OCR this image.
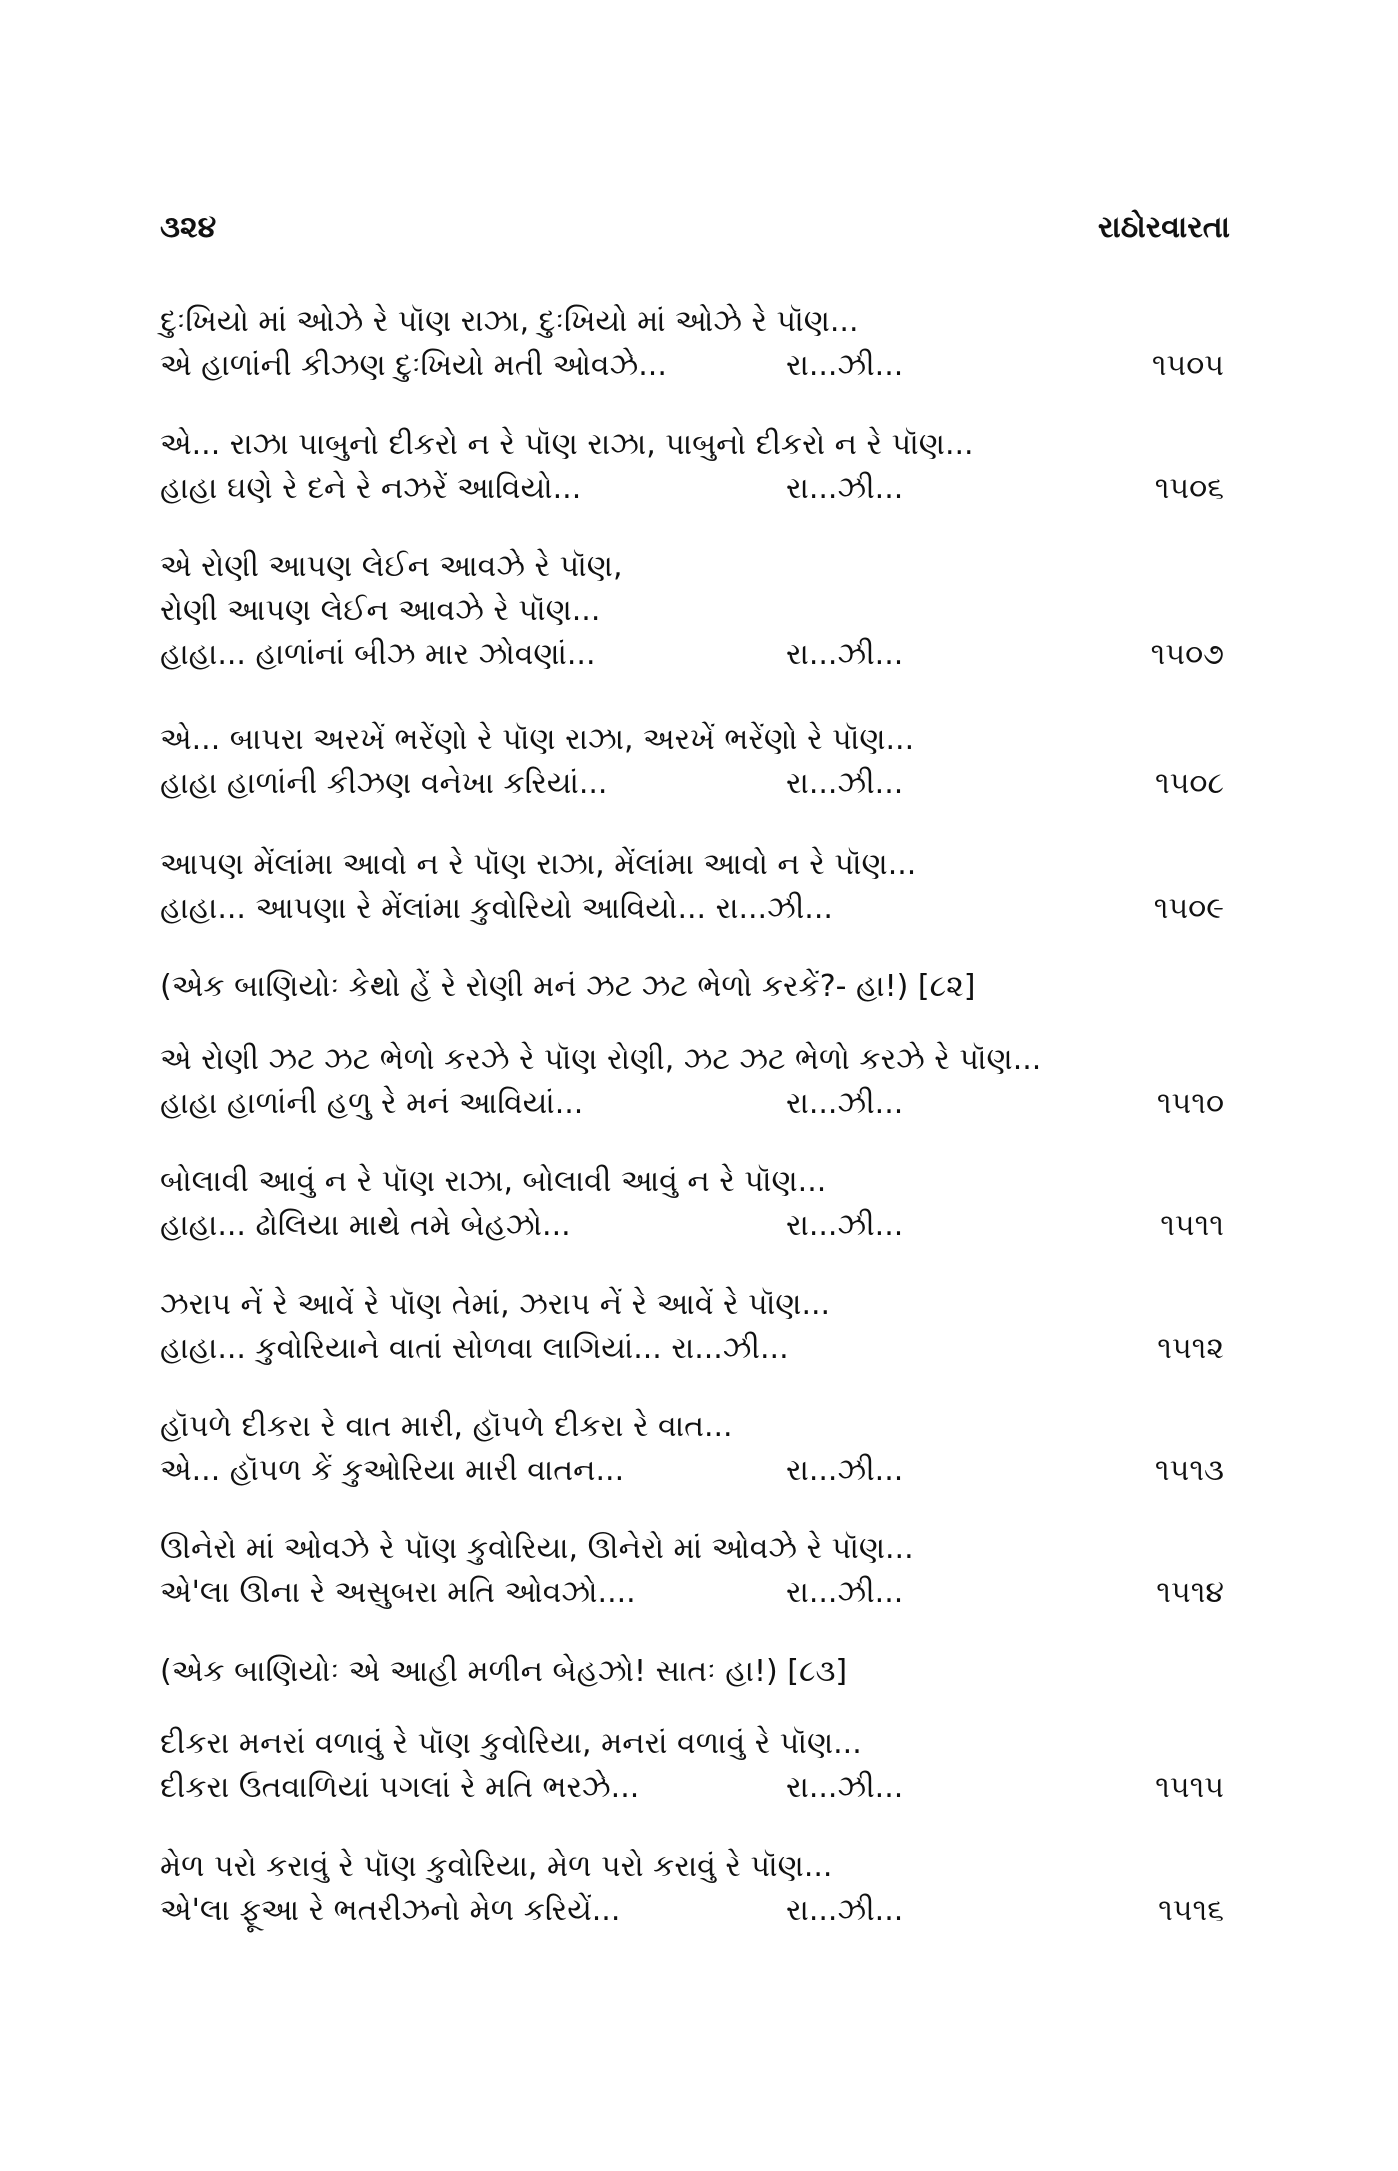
૩૨૪	રાઠોરવારતા
દુઃખિયો માં ઓઝે રે પૉણ રાઝા, દુઃખિયો માં ઓઝે રે પૉણ...
એ હાળાંની કીઝણ દુઃખિયો મતી ઓવઝે...	રા...ઝી...	૧૫૦૫
એ... રાઝા પાબુનો દીકરો ન રે પૉણ રાઝા, પાબુનો દીકરો ન રે પૉણ...
હાહા ઘણે રે દને રે નઝરેં આવિયો...	રા...ઝી...	૧૫૦૬
એ રોણી આપણ લેઈન આવઝે રે પૉણ,
રોણી આપણ લેઈન આવઝે રે પૉણ...
હાહા... હાળાંનાં બીઝ માર ઝોવણાં...	રા...ઝી...	૧૫૦૭
એ... બાપરા અરખેં ભરેંણો રે પૉણ રાઝા, અરખેં ભરેંણો રે પૉણ...
હાહા હાળાંની કીઝણ વનેખા કરિયાં...	રા...ઝી...	૧૫૦૮
આપણ મેંલાંમા આવો ન રે પૉણ રાઝા, મેંલાંમા આવો ન રે પૉણ...
હાહા... આપણા રે મેંલાંમા કુવોરિયો આવિયો... રા...ઝી...	૧૫૦૯
(એક બાણિયોઃ કેથો હેં રે રોણી મનં ઝટ ઝટ ભેળો કરકેં?- હા!) [૮૨]
એ રોણી ઝટ ઝટ ભેળો કરઝે રે પૉણ રોણી, ઝટ ઝટ ભેળો કરઝે રે પૉણ...
હાહા હાળાંની હળુ રે મનં આવિયાં...	રા...ઝી...	૧૫૧૦
બોલાવી આવું ન રે પૉણ રાઝા, બોલાવી આવું ન રે પૉણ...
હાહા... ઢોલિયા માથે તમે બેહઝો...	રા...ઝી...	૧૫૧૧
ઝરાપ નેં રે આવેં રે પૉણ તેમાં, ઝરાપ નેં રે આવેં રે પૉણ...
હાહા... કુવોરિયાને વાતાં સોળવા લાગિયાં... રા...ઝી...	૧૫૧૨
હૉપળે દીકરા રે વાત મારી, હૉપળે દીકરા રે વાત...
એ... હૉપળ કેં કુઓરિયા મારી વાતન...	રા...ઝી...	૧૫૧૩
ઊનેરો માં ઓવઝે રે પૉણ કુવોરિયા, ઊનેરો માં ઓવઝે રે પૉણ...
એ'લા ઊના રે અસુબરા મતિ ઓવઝો....	રા...ઝી...	૧૫૧૪
(એક બાણિયોઃ એ આહી મળીન બેહઝો! સાતઃ હા!) [૮૩]
દીકરા મનરાં વળાવું રે પૉણ કુવોરિયા, મનરાં વળાવું રે પૉણ...
દીકરા ઉતવાળિયાં પગલાં રે મતિ ભરઝે...	રા...ઝી...	૧૫૧૫
મેળ પરો કરાવું રે પૉણ કુવોરિયા, મેળ પરો કરાવું રે પૉણ...
એ'લા ફૂઆ રે ભતરીઝનો મેળ કરિયેં...	રા...ઝી...	૧૫૧૬
